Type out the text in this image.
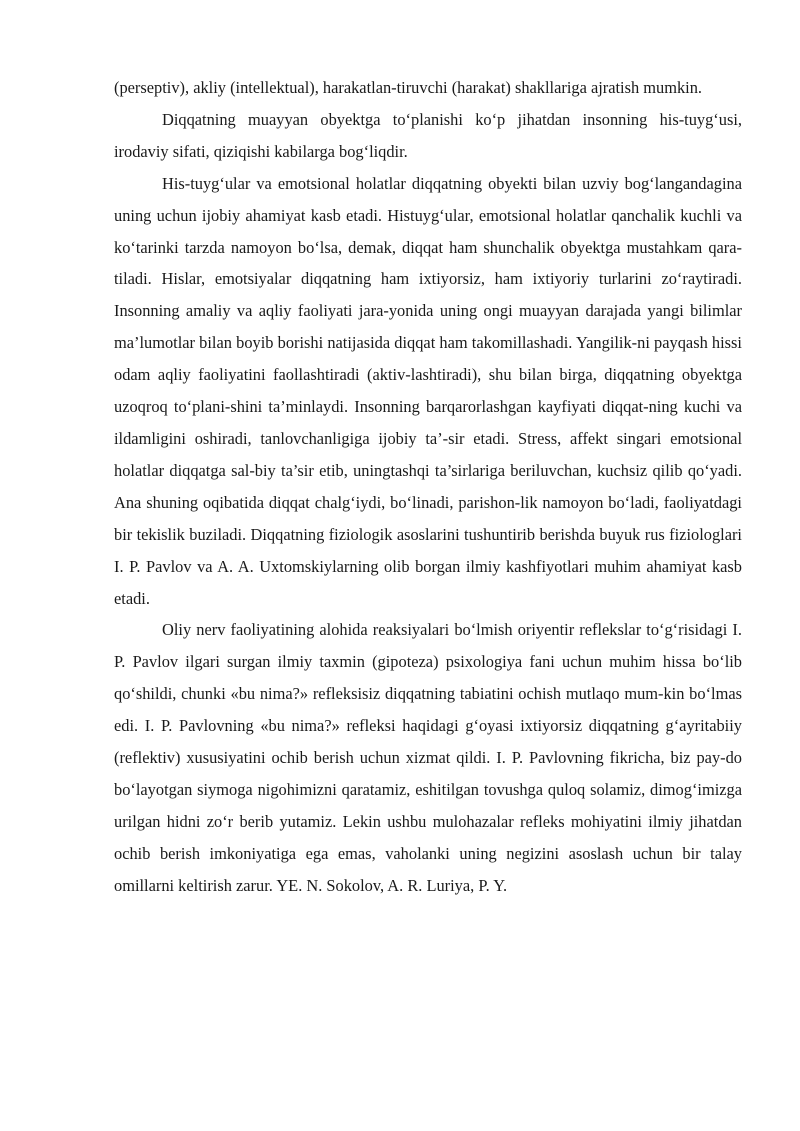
(perseptiv), akliy (intellektual), harakatlan-tiruvchi (harakat) shakllariga ajratish mumkin.

Diqqatning muayyan obyektga to‘planishi ko‘p jihatdan insonning his-tuyg‘usi, irodaviy sifati, qiziqishi kabilarga bog‘liqdir.

His-tuyg‘ular va emotsional holatlar diqqatning obyekti bilan uzviy bog‘langandagina uning uchun ijobiy ahamiyat kasb etadi. Histuyg‘ular, emotsional holatlar qanchalik kuchli va ko‘tarinki tarzda namoyon bo‘lsa, demak, diqqat ham shunchalik obyektga mustahkam qara-tiladi. Hislar, emotsiyalar diqqatning ham ixtiyorsiz, ham ixtiyoriy turlarini zo‘raytiradi. Insonning amaliy va aqliy faoliyati jara-yonida uning ongi muayyan darajada yangi bilimlar ma’lumotlar bilan boyib borishi natijasida diqqat ham takomillashadi. Yangilik-ni payqash hissi odam aqliy faoliyatini faollashtiradi (aktiv-lashtiradi), shu bilan birga, diqqatning obyektga uzoqroq to‘plani-shini ta’minlaydi. Insonning barqarorlashgan kayfiyati diqqat-ning kuchi va ildamligini oshiradi, tanlovchanligiga ijobiy ta’-sir etadi. Stress, affekt singari emotsional holatlar diqqatga sal-biy ta’sir etib, uningtashqi ta’sirlariga beriluvchan, kuchsiz qilib qo‘yadi. Ana shuning oqibatida diqqat chalg‘iydi, bo‘linadi, parishon-lik namoyon bo‘ladi, faoliyatdagi bir tekislik buziladi. Diqqatning fiziologik asoslarini tushuntirib berishda buyuk rus fiziologlari I. P. Pavlov va A. A. Uxtomskiylarning olib borgan ilmiy kashfiyotlari muhim ahamiyat kasb etadi.

Oliy nerv faoliyatining alohida reaksiyalari bo‘lmish oriyentir reflekslar to‘g‘risidagi I. P. Pavlov ilgari surgan ilmiy taxmin (gipoteza) psixologiya fani uchun muhim hissa bo‘lib qo‘shildi, chunki «bu nima?» refleksisiz diqqatning tabiatini ochish mutlaqo mum-kin bo‘lmas edi. I. P. Pavlovning «bu nima?» refleksi haqidagi g‘oyasi ixtiyorsiz diqqatning g‘ayritabiiy (reflektiv) xususiyatini ochib berish uchun xizmat qildi. I. P. Pavlovning fikricha, biz pay-do bo‘layotgan siymoga nigohimizni qaratamiz, eshitilgan tovushga quloq solamiz, dimog‘imizga urilgan hidni zo‘r berib yutamiz. Lekin ushbu mulohazalar refleks mohiyatini ilmiy jihatdan ochib berish imkoniyatiga ega emas, vaholanki uning negizini asoslash uchun bir talay omillarni keltirish zarur. YE. N. Sokolov, A. R. Luriya, P. Y.
